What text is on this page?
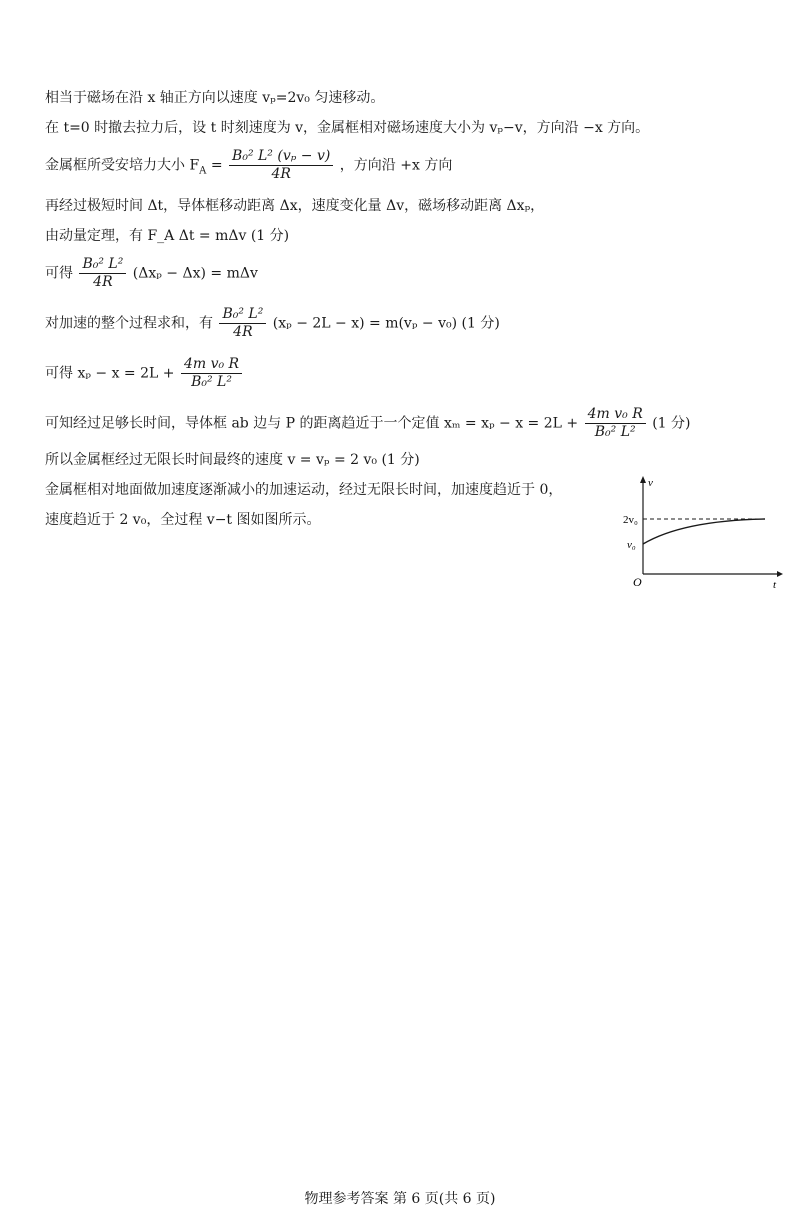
相当于磁场在沿 x 轴正方向以速度 vₚ=2v₀ 匀速移动。
在 t=0 时撤去拉力后，设 t 时刻速度为 v，金属框相对磁场速度大小为 vₚ−v，方向沿 −x 方向。
金属框所受安培力大小 $F_A = \frac{\text{B₀² L² (vₚ − v)}}{4R}$ ，方向沿 +x 方向
再经过极短时间 Δt，导体框移动距离 Δx，速度变化量 Δv，磁场移动距离 Δxₚ，
由动量定理，有 F_A Δt = mΔv (1 分)
可得 $\frac{\text{B₀² L²}}{4R} (\Delta x_p - \Delta x) = m\Delta v$
对加速的整个过程求和，有 $\frac{\text{B₀² L²}}{4R} (x_p - 2L - x) = m(v_p - v_0)$ (1 分)
可得 $x_p - x = 2L + \frac{\text{4m v₀ R}}{\text{B₀² L²}}$
可知经过足够长时间，导体框 ab 边与 P 的距离趋近于一个定值 $x_m = x_p - x = 2L + \frac{\text{4m v₀ R}}{\text{B₀² L²}} (1$ 分)
所以金属框经过无限长时间最终的速度 v = vₚ = 2 v₀ (1 分)
金属框相对地面做加速度逐渐减小的加速运动，经过无限长时间，加速度趋近于 0，
速度趋近于 2 v₀，全过程 v−t 图如图所示。
v
t
O
2v₀
v₀
物理参考答案 第 6 页(共 6 页)
